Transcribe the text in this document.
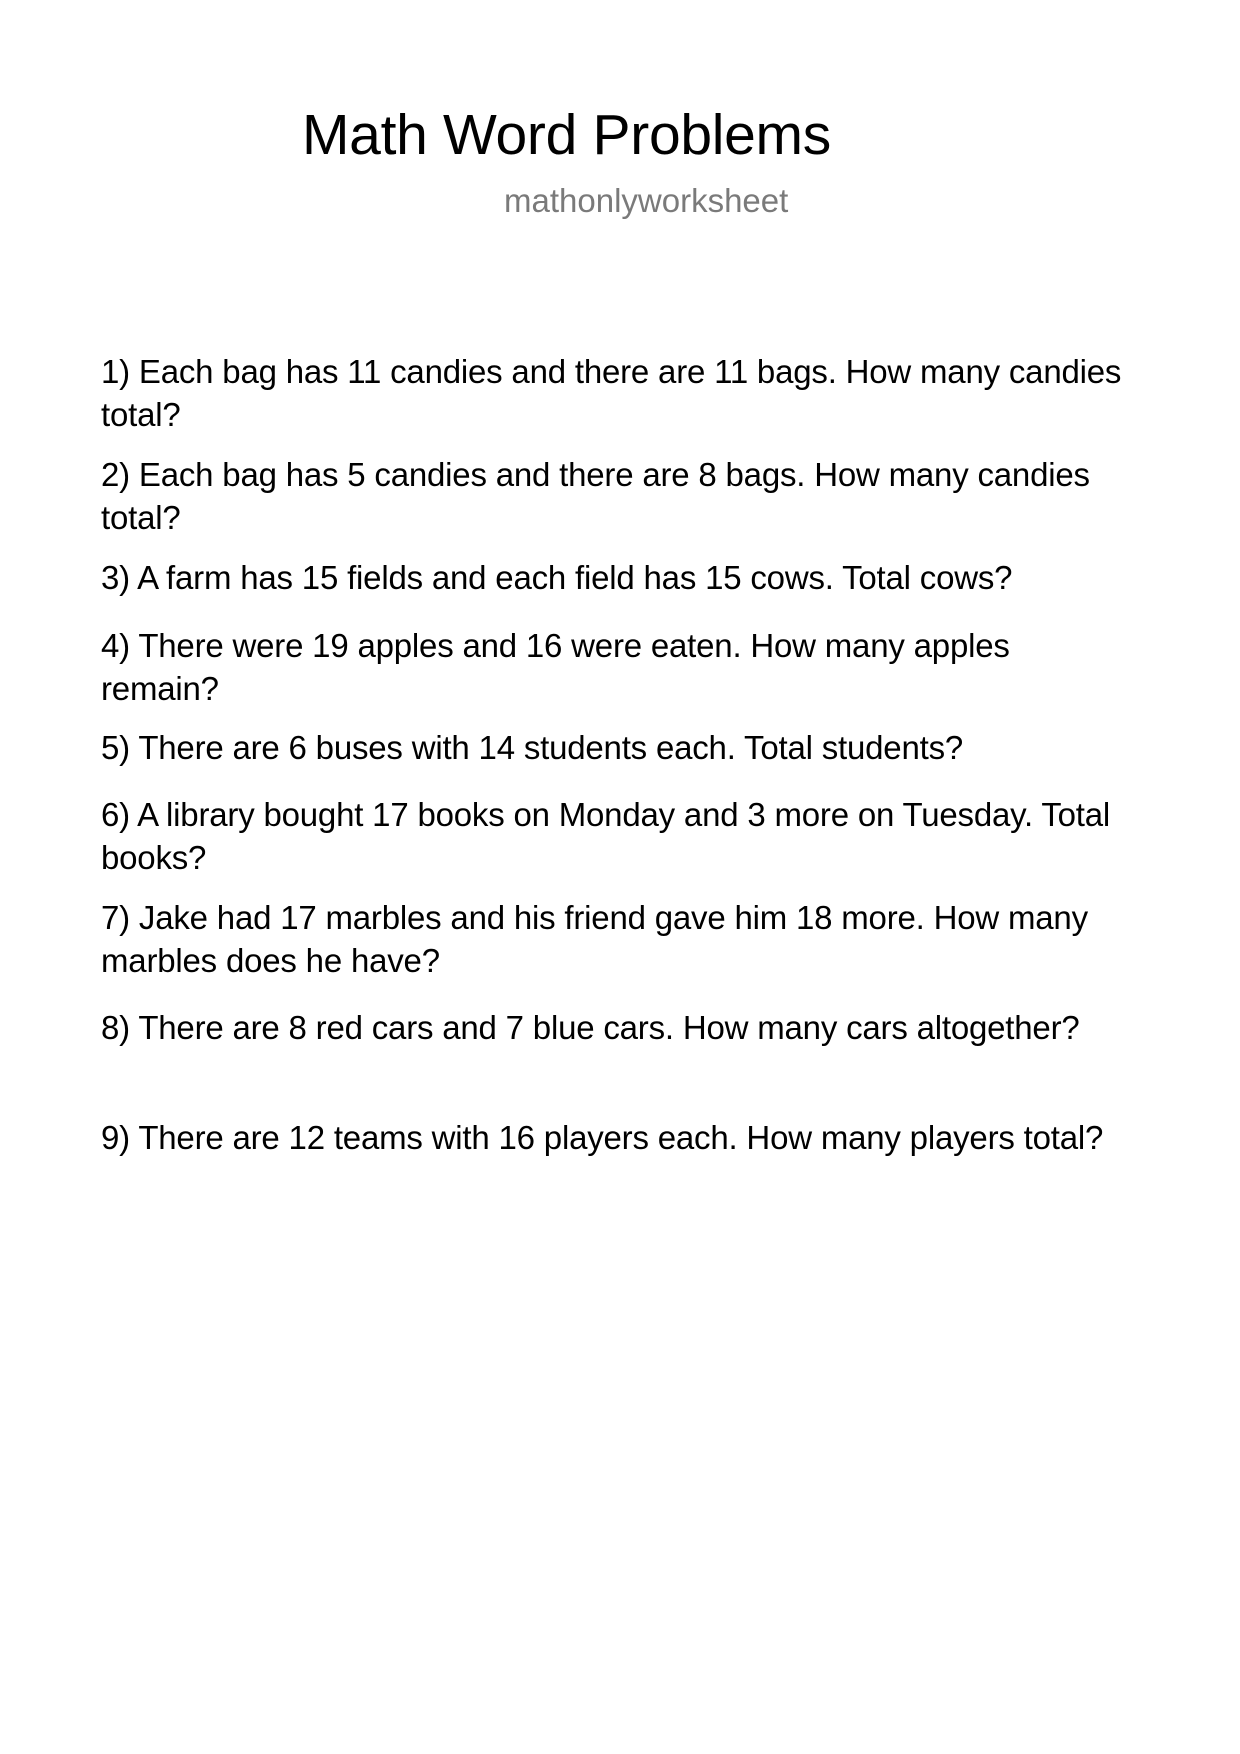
Math Word Problems
mathonlyworksheet
1) Each bag has 11 candies and there are 11 bags. How many candies total?
2) Each bag has 5 candies and there are 8 bags. How many candies total?
3) A farm has 15 fields and each field has 15 cows. Total cows?
4) There were 19 apples and 16 were eaten. How many apples remain?
5) There are 6 buses with 14 students each. Total students?
6) A library bought 17 books on Monday and 3 more on Tuesday. Total books?
7) Jake had 17 marbles and his friend gave him 18 more. How many marbles does he have?
8) There are 8 red cars and 7 blue cars. How many cars altogether?
9) There are 12 teams with 16 players each. How many players total?
